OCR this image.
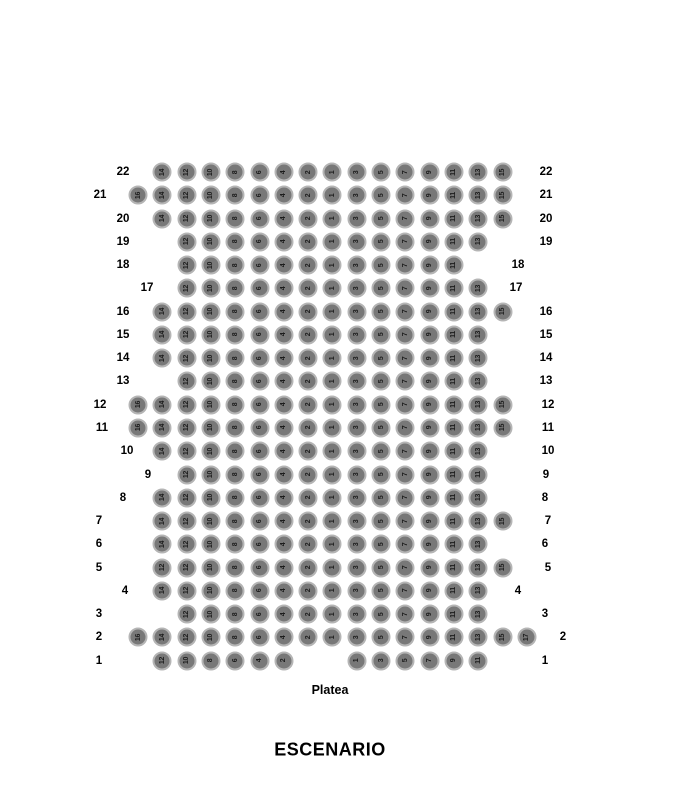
Platea
ESCENARIO
22	22
14 12 10 8 6 4 2 1 3 5 7 9 11 13 15
21	21
16 14 12 10 8 6 4 2 1 3 5 7 9 11 13 15
20	20
14 12 10 8 6 4 2 1 3 5 7 9 11 13 15
19	19
12 10 8 6 4 2 1 3 5 7 9 11 13
18	18
12 10 8 6 4 2 1 3 5 7 9 11
17	17
12 10 8 6 4 2 1 3 5 7 9 11 13
16	16
14 12 10 8 6 4 2 1 3 5 7 9 11 13 15
15	15
14 12 10 8 6 4 2 1 3 5 7 9 11 13
14	14
14 12 10 8 6 4 2 1 3 5 7 9 11 13
13	13
12 10 8 6 4 2 1 3 5 7 9 11 13
12	12
16 14 12 10 8 6 4 2 1 3 5 7 9 11 13 15
11	11
16 14 12 10 8 6 4 2 1 3 5 7 9 11 13 15
10	10
14 12 10 8 6 4 2 1 3 5 7 9 11 13
9	9
12 10 8 6 4 2 1 3 5 7 9 11 11
8	8
14 12 10 8 6 4 2 1 3 5 7 9 11 13
7	7
14 12 10 8 6 4 2 1 3 5 7 9 11 13 15
6	6
14 12 10 8 6 4 2 1 3 5 7 9 11 13
5	5
12 12 10 8 6 4 2 1 3 5 7 9 11 13 15
4	4
14 12 10 8 6 4 2 1 3 5 7 9 11 13
3	3
12 10 8 6 4 2 1 3 5 7 9 11 13
2	2
16 14 12 10 8 6 4 2 1 3 5 7 9 11 13 15 17
1	1
12 10 8 6 4 2	1 3 5 7 9 11
